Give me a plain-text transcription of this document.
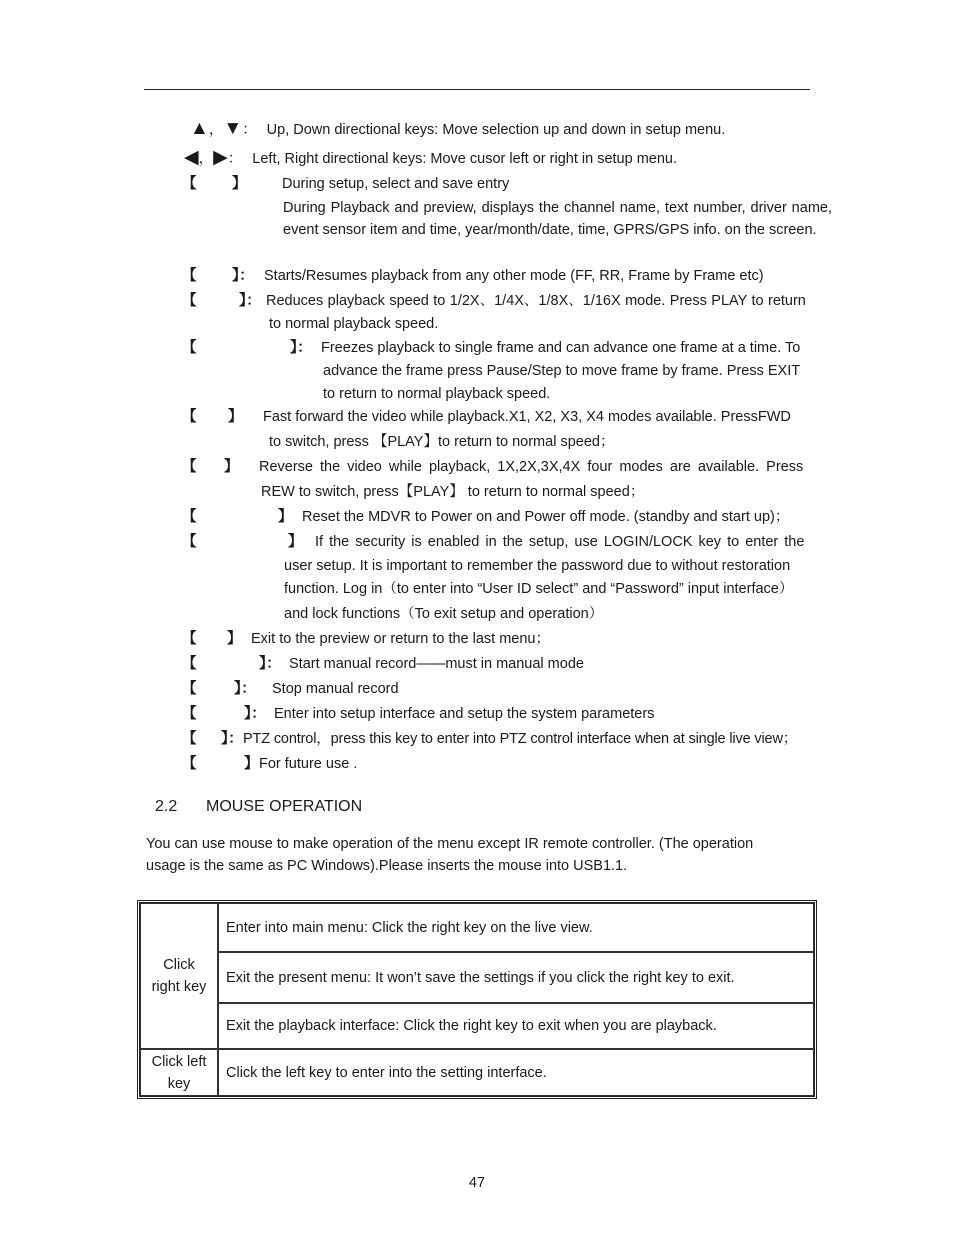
▲，▼： Up, Down directional keys: Move selection up and down in setup menu.
◀，▶： Left, Right directional keys: Move cusor left or right in setup menu.
【 】 During setup, select and save entry
During Playback and preview, displays the channel name, text number, driver name, event sensor item and time, year/month/date, time, GPRS/GPS info. on the screen.
【 】： Starts/Resumes playback from any other mode (FF, RR, Frame by Frame etc)
【	】： Reduces playback speed to 1/2X、1/4X、1/8X、1/16X mode. Press PLAY to return
to normal playback speed.
【	】： Freezes playback to single frame and can advance one frame at a time. To
advance the frame press Pause/Step to move frame by frame. Press EXIT
to return to normal playback speed.
【 】 Fast forward the video while playback.X1, X2, X3, X4 modes available. PressFWD
to switch, press 【PLAY】to return to normal speed；
【 】 Reverse the video while playback, 1X,2X,3X,4X four modes are available. Press
REW to switch, press【PLAY】 to return to normal speed；
【	】 Reset the MDVR to Power on and Power off mode. (standby and start up)；
【	】 If the security is enabled in the setup, use LOGIN/LOCK key to enter the
user setup. It is important to remember the password due to without restoration
function. Log in（to enter into “User ID select” and “Password” input interface）
and lock functions（To exit setup and operation）
【 】 Exit to the preview or return to the last menu；
【	】： Start manual record——must in manual mode
【	】： Stop manual record
【	】： Enter into setup interface and setup the system parameters
【 】： PTZ control，press this key to enter into PTZ control interface when at single live view；
【	】 For future use .
2.2 MOUSE OPERATION
You can use mouse to make operation of the menu except IR remote controller. (The operation
usage is the same as PC Windows).Please inserts the mouse into USB1.1.
Click right key	Enter into main menu: Click the right key on the live view.
	Exit the present menu: It won’t save the settings if you click the right key to exit.
	Exit the playback interface: Click the right key to exit when you are playback.
Click left key	Click the left key to enter into the setting interface.
47
